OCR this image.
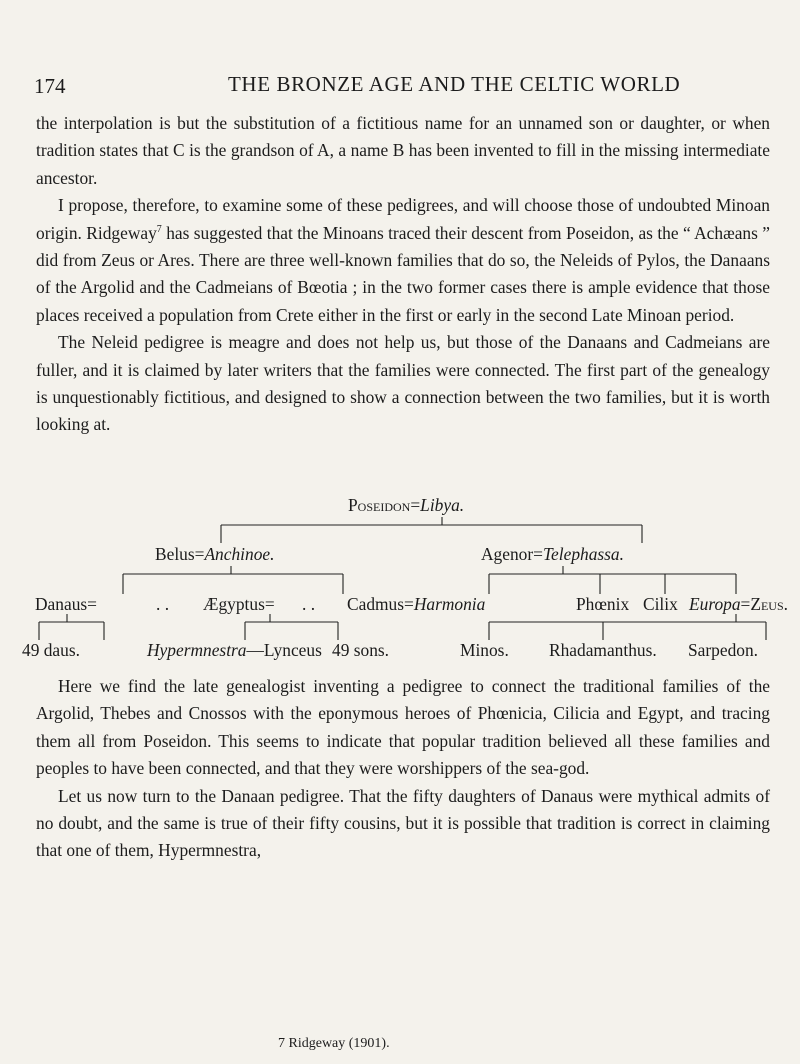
174	THE BRONZE AGE AND THE CELTIC WORLD

the interpolation is but the substitution of a fictitious name for an unnamed son or daughter, or when tradition states that C is the grandson of A, a name B has been invented to fill in the missing intermediate ancestor.

I propose, therefore, to examine some of these pedigrees, and will choose those of undoubted Minoan origin. Ridgeway$^7$ has suggested that the Minoans traced their descent from Poseidon, as the “ Achæans ” did from Zeus or Ares. There are three well-known families that do so, the Neleids of Pylos, the Danaans of the Argolid and the Cadmeians of Bœotia ; in the two former cases there is ample evidence that those places received a population from Crete either in the first or early in the second Late Minoan period.

The Neleid pedigree is meagre and does not help us, but those of the Danaans and Cadmeians are fuller, and it is claimed by later writers that the families were connected. The first part of the genealogy is unquestionably fictitious, and designed to show a connection between the two families, but it is worth looking at.

Poseidon=Libya.
Belus=Anchinoe.	Agenor=Telephassa.
Danaus=	. . Ægyptus= . . Cadmus=Harmonia	Phœnix Cilix Europa=Zeus.
49 daus.	Hypermnestra—Lynceus 49 sons.	Minos. Rhadamanthus. Sarpedon.

Here we find the late genealogist inventing a pedigree to connect the traditional families of the Argolid, Thebes and Cnossos with the eponymous heroes of Phœnicia, Cilicia and Egypt, and tracing them all from Poseidon. This seems to indicate that popular tradition believed all these families and peoples to have been connected, and that they were worshippers of the sea-god.

Let us now turn to the Danaan pedigree. That the fifty daughters of Danaus were mythical admits of no doubt, and the same is true of their fifty cousins, but it is possible that tradition is correct in claiming that one of them, Hypermnestra,

7 Ridgeway (1901).
